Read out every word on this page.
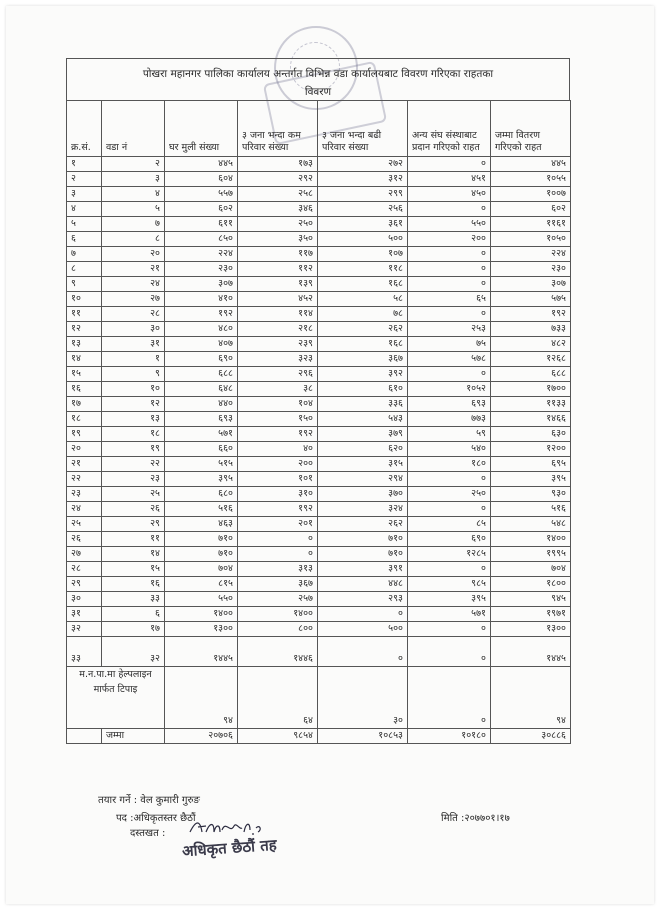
पोखरा महानगर पालिका कार्यालय अन्तर्गत विभिन्न वडा कार्यालयबाट विवरण गरिएका राहतका
विवरण
क्र.सं.	वडा नं	घर मुली संख्या	३ जना भन्दा कम परिवार संख्या	३ जना भन्दा बढी परिवार संख्या	अन्य संघ संस्थाबाट प्रदान गरिएको राहत	जम्मा वितरण गरिएको राहत
१	२	४४५	१७३	२७२	०	४४५
२	३	६०४	२९२	३१२	४५१	१०५५
३	४	५५७	२५८	२९९	४५०	१००७
४	५	६०२	३४६	२५६	०	६०२
५	७	६११	२५०	३६१	५५०	११६१
६	८	८५०	३५०	५००	२००	१०५०
७	२०	२२४	११७	१०७	०	२२४
८	२१	२३०	११२	११८	०	२३०
९	२४	३०७	१३९	१६८	०	३०७
१०	२७	४१०	४५२	५८	६५	५७५
११	२८	१९२	११४	७८	०	१९२
१२	३०	४८०	२१८	२६२	२५३	७३३
१३	३१	४०७	२३९	१६८	७५	४८२
१४	१	६९०	३२३	३६७	५७८	१२६८
१५	९	६८८	२९६	३९२	०	६८८
१६	१०	६४८	३८	६१०	१०५२	१७००
१७	१२	४४०	१०४	३३६	६९३	११३३
१८	१३	६९३	१५०	५४३	७७३	१४६६
१९	१८	५७१	१९२	३७९	५९	६३०
२०	१९	६६०	४०	६२०	५४०	१२००
२१	२२	५१५	२००	३१५	१८०	६९५
२२	२३	३९५	१०१	२९४	०	३९५
२३	२५	६८०	३१०	३७०	२५०	९३०
२४	२६	५१६	१९२	३२४	०	५१६
२५	२९	४६३	२०१	२६२	८५	५४८
२६	११	७१०	०	७१०	६९०	१४००
२७	१४	७१०	०	७१०	१२८५	१९९५
२८	१५	७०४	३१३	३९१	०	७०४
२९	१६	८१५	३६७	४४८	९८५	१८००
३०	३३	५५०	२५७	२९३	३९५	९४५
३१	६	१४००	१४००	०	५७१	१९७१
३२	१७	१३००	८००	५००	०	१३००
३३	३२	१४४५	१४४६	०	०	१४४५
म.न.पा.मा हेल्पलाइन मार्फत टिपाइ		९४	६४	३०	०	९४
	जम्मा	२०७०६	९८५४	१०८५३	१०१८०	३०८८६
तयार गर्ने : वेल कुमारी गुरुङ
पद :अधिकृतस्तर छैठौं
दस्तखत :
मिति :२०७७०१।१७
अधिकृत छैठौं तह
